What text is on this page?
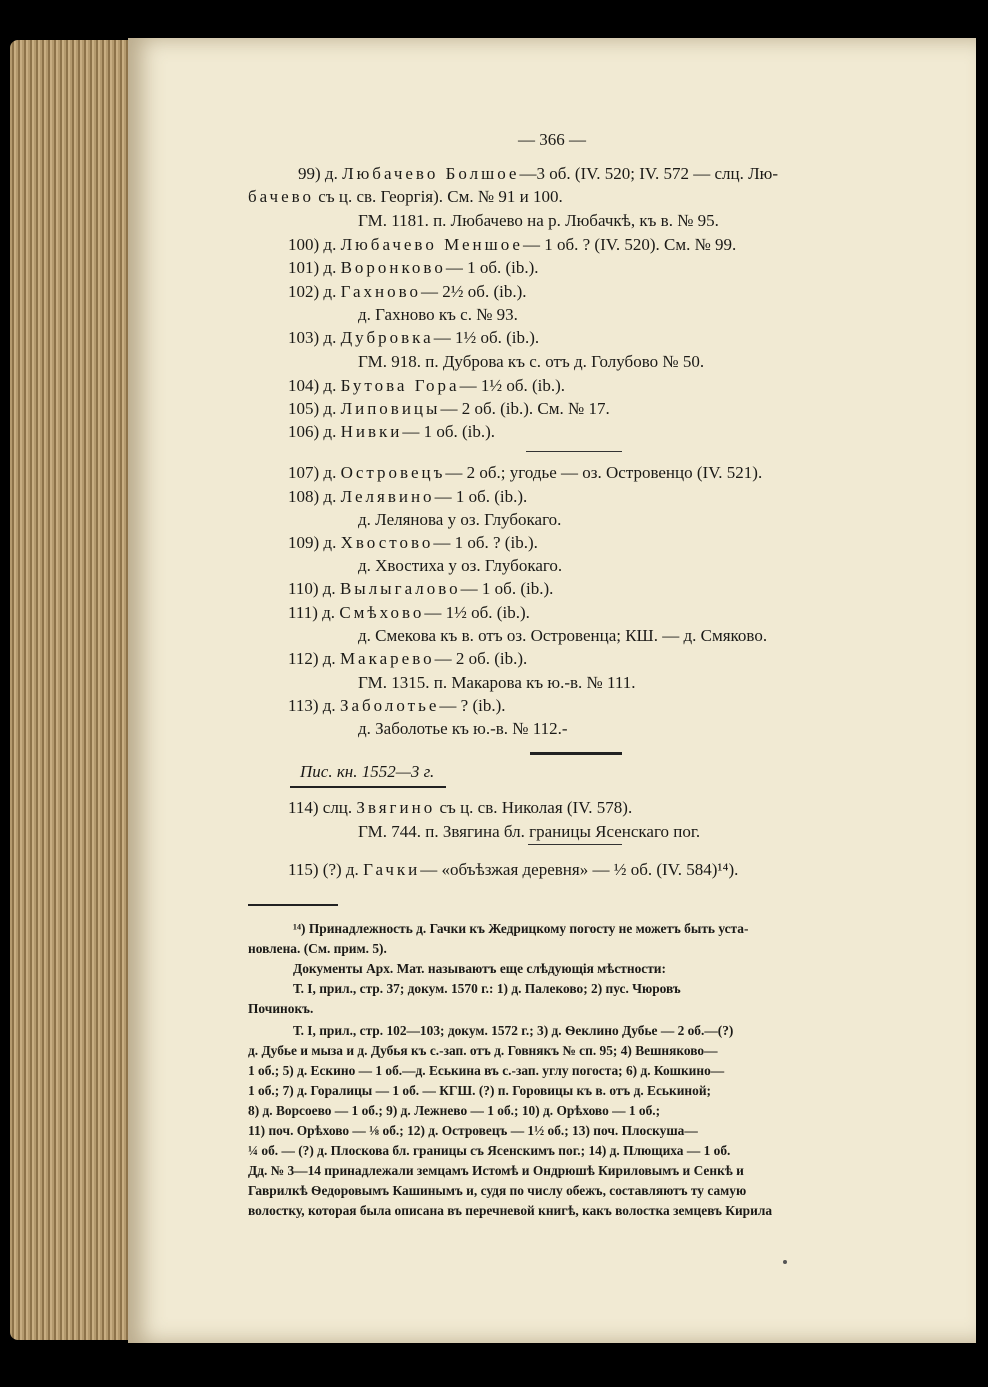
— 366 —
99) д. Любачево Болшое—3 об. (IV. 520; IV. 572 — слц. Лю-
бачево съ ц. св. Георгія). См. № 91 и 100.
ГМ. 1181. п. Любачево на р. Любачкѣ, къ в. № 95.
100) д. Любачево Меншое— 1 об. ? (IV. 520). См. № 99.
101) д. Воронково— 1 об. (ib.).
102) д. Гахново— 2½ об. (ib.).
д. Гахново къ с. № 93.
103) д. Дубровка— 1½ об. (ib.).
ГМ. 918. п. Дуброва къ с. отъ д. Голубово № 50.
104) д. Бутова Гора— 1½ об. (ib.).
105) д. Липовицы— 2 об. (ib.). См. № 17.
106) д. Нивки— 1 об. (ib.).
107) д. Островецъ— 2 об.; угодье — оз. Островенцо (IV. 521).
108) д. Лелявино— 1 об. (ib.).
д. Лелянова у оз. Глубокаго.
109) д. Хвостово— 1 об. ? (ib.).
д. Хвостиха у оз. Глубокаго.
110) д. Вылыгалово— 1 об. (ib.).
111) д. Смѣхово— 1½ об. (ib.).
д. Смекова къ в. отъ оз. Островенца; КШ. — д. Смяково.
112) д. Макарево— 2 об. (ib.).
ГМ. 1315. п. Макарова къ ю.-в. № 111.
113) д. Заболотье— ? (ib.).
д. Заболотье къ ю.-в. № 112.-
Пис. кн. 1552—3 г.
114) слц. Звягино съ ц. св. Николая (IV. 578).
ГМ. 744. п. Звягина бл. границы Ясенскаго пог.
115) (?) д. Гачки— «объѣзжая деревня» — ½ об. (IV. 584)¹⁴).
¹⁴) Принадлежность д. Гачки къ Жедрицкому погосту не можетъ быть уста-
новлена. (См. прим. 5).
Документы Арх. Мат. называютъ еще слѣдующія мѣстности:
Т. I, прил., стр. 37; докум. 1570 г.: 1) д. Палеково; 2) пус. Чюровъ
Починокъ.
Т. I, прил., стр. 102—103; докум. 1572 г.; 3) д. Ѳеклино Дубье — 2 об.—(?)
д. Дубье и мыза и д. Дубья къ с.-зап. отъ д. Говнякъ № сп. 95; 4) Вешняково—
1 об.; 5) д. Ескино — 1 об.—д. Еськина въ с.-зап. углу погоста; 6) д. Кошкино—
1 об.; 7) д. Горалицы — 1 об. — КГШ. (?) п. Горовицы къ в. отъ д. Еськиной;
8) д. Ворсоево — 1 об.; 9) д. Лежнево — 1 об.; 10) д. Орѣхово — 1 об.;
11) поч. Орѣхово — ⅛ об.; 12) д. Островецъ — 1½ об.; 13) поч. Плоскуша—
¼ об. — (?) д. Плоскова бл. границы съ Ясенскимъ пог.; 14) д. Плющиха — 1 об.
Дд. № 3—14 принадлежали земцамъ Истомѣ и Ондрюшѣ Кириловымъ и Сенкѣ и
Гаврилкѣ Ѳедоровымъ Кашинымъ и, судя по числу обежъ, составляютъ ту самую
волостку, которая была описана въ перечневой книгѣ, какъ волостка земцевъ Кирила
